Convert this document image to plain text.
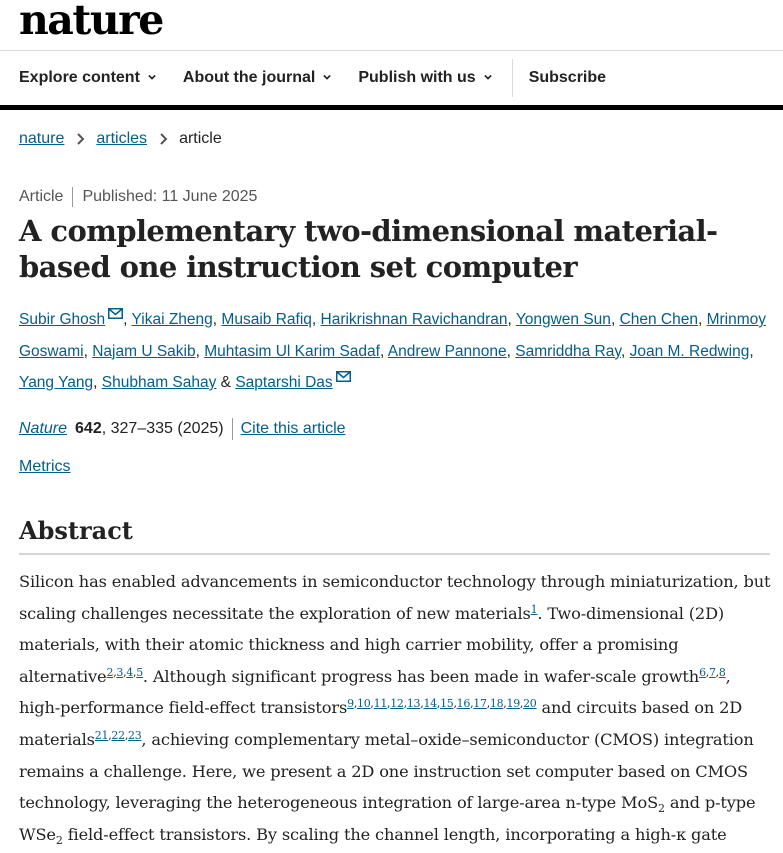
nature
Explore content	About the journal	Publish with us	Subscribe
nature articles article
Article Published: 11 June 2025
A complementary two-dimensional material-based one instruction set computer

Subir Ghosh , Yikai Zheng, Musaib Rafiq, Harikrishnan Ravichandran, Yongwen Sun, Chen Chen, Mrinmoy Goswami, Najam U Sakib, Muhtasim Ul Karim Sadaf, Andrew Pannone, Samriddha Ray, Joan M. Redwing, Yang Yang, Shubham Sahay & Saptarshi Das

Nature 642 , 327–335 (2025) Cite this article
Metrics
Abstract

Silicon has enabled advancements in semiconductor technology through miniaturization, but scaling challenges necessitate the exploration of new materials$^1$. Two-dimensional (2D) materials, with their atomic thickness and high carrier mobility, offer a promising alternative$^{2,3,4,5}$. Although significant progress has been made in wafer-scale growth$^{6,7,8}$, high-performance field-effect transistors$^{9,10,11,12,13,14,15,16,17,18,19,20}$ and circuits based on 2D materials$^{21,22,23}$, achieving complementary metal–oxide–semiconductor (CMOS) integration remains a challenge. Here, we present a 2D one instruction set computer based on CMOS technology, leveraging the heterogeneous integration of large-area n-type MoS$_2$ and p-type WSe$_2$ field-effect transistors. By scaling the channel length, incorporating a high-κ gate
